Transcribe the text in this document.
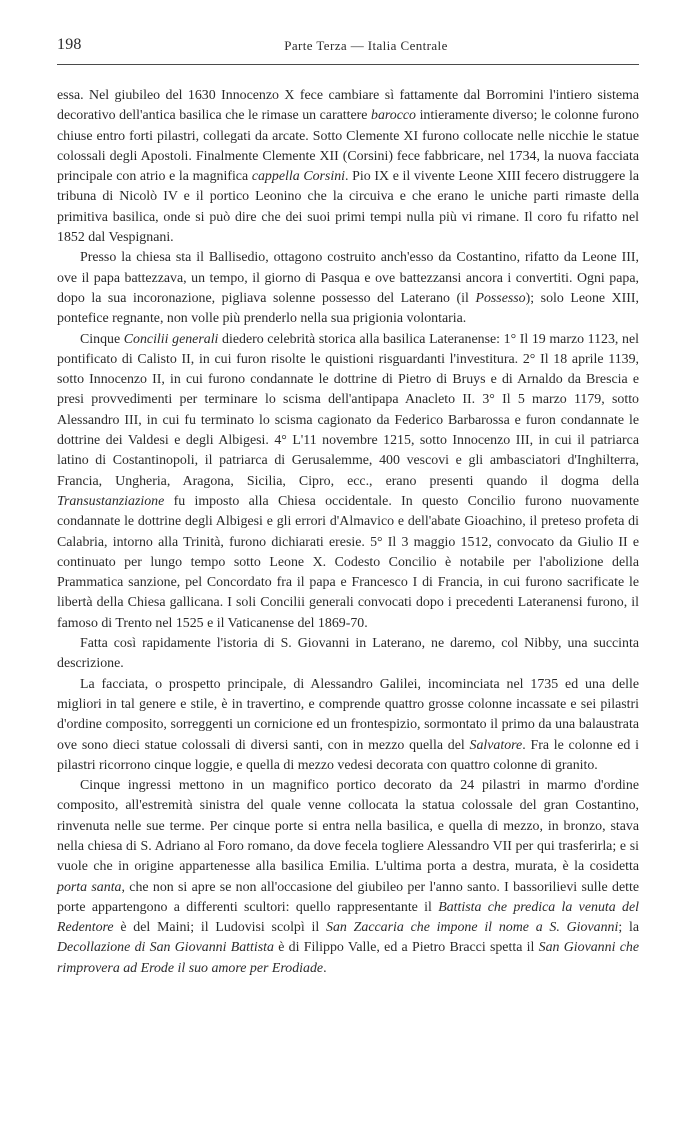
198	Parte Terza — Italia Centrale

essa. Nel giubileo del 1630 Innocenzo X fece cambiare sì fattamente dal Borromini l'intiero sistema decorativo dell'antica basilica che le rimase un carattere barocco intieramente diverso; le colonne furono chiuse entro forti pilastri, collegati da arcate. Sotto Clemente XI furono collocate nelle nicchie le statue colossali degli Apostoli. Finalmente Clemente XII (Corsini) fece fabbricare, nel 1734, la nuova facciata principale con atrio e la magnifica cappella Corsini. Pio IX e il vivente Leone XIII fecero distruggere la tribuna di Nicolò IV e il portico Leonino che la circuiva e che erano le uniche parti rimaste della primitiva basilica, onde si può dire che dei suoi primi tempi nulla più vi rimane. Il coro fu rifatto nel 1852 dal Vespignani.

Presso la chiesa sta il Ballisedio, ottagono costruito anch'esso da Costantino, rifatto da Leone III, ove il papa battezzava, un tempo, il giorno di Pasqua e ove battezzansi ancora i convertiti. Ogni papa, dopo la sua incoronazione, pigliava solenne possesso del Laterano (il Possesso); solo Leone XIII, pontefice regnante, non volle più prenderlo nella sua prigionia volontaria.

Cinque Concilii generali diedero celebrità storica alla basilica Lateranense: 1° Il 19 marzo 1123, nel pontificato di Calisto II, in cui furon risolte le quistioni risguardanti l'investitura. 2° Il 18 aprile 1139, sotto Innocenzo II, in cui furono condannate le dottrine di Pietro di Bruys e di Arnaldo da Brescia e presi provvedimenti per terminare lo scisma dell'antipapa Anacleto II. 3° Il 5 marzo 1179, sotto Alessandro III, in cui fu terminato lo scisma cagionato da Federico Barbarossa e furon condannate le dottrine dei Valdesi e degli Albigesi. 4° L'11 novembre 1215, sotto Innocenzo III, in cui il patriarca latino di Costantinopoli, il patriarca di Gerusalemme, 400 vescovi e gli ambasciatori d'Inghilterra, Francia, Ungheria, Aragona, Sicilia, Cipro, ecc., erano presenti quando il dogma della Transustanziazione fu imposto alla Chiesa occidentale. In questo Concilio furono nuovamente condannate le dottrine degli Albigesi e gli errori d'Almavico e dell'abate Gioachino, il preteso profeta di Calabria, intorno alla Trinità, furono dichiarati eresie. 5° Il 3 maggio 1512, convocato da Giulio II e continuato per lungo tempo sotto Leone X. Codesto Concilio è notabile per l'abolizione della Prammatica sanzione, pel Concordato fra il papa e Francesco I di Francia, in cui furono sacrificate le libertà della Chiesa gallicana. I soli Concilii generali convocati dopo i precedenti Lateranensi furono, il famoso di Trento nel 1525 e il Vaticanense del 1869-70.

Fatta così rapidamente l'istoria di S. Giovanni in Laterano, ne daremo, col Nibby, una succinta descrizione.

La facciata, o prospetto principale, di Alessandro Galilei, incominciata nel 1735 ed una delle migliori in tal genere e stile, è in travertino, e comprende quattro grosse colonne incassate e sei pilastri d'ordine composito, sorreggenti un cornicione ed un frontespizio, sormontato il primo da una balaustrata ove sono dieci statue colossali di diversi santi, con in mezzo quella del Salvatore. Fra le colonne ed i pilastri ricorrono cinque loggie, e quella di mezzo vedesi decorata con quattro colonne di granito.

Cinque ingressi mettono in un magnifico portico decorato da 24 pilastri in marmo d'ordine composito, all'estremità sinistra del quale venne collocata la statua colossale del gran Costantino, rinvenuta nelle sue terme. Per cinque porte si entra nella basilica, e quella di mezzo, in bronzo, stava nella chiesa di S. Adriano al Foro romano, da dove fecela togliere Alessandro VII per qui trasferirla; e si vuole che in origine appartenesse alla basilica Emilia. L'ultima porta a destra, murata, è la cosidetta porta santa, che non si apre se non all'occasione del giubileo per l'anno santo. I bassorilievi sulle dette porte appartengono a differenti scultori: quello rappresentante il Battista che predica la venuta del Redentore è del Maini; il Ludovisi scolpì il San Zaccaria che impone il nome a S. Giovanni; la Decollazione di San Giovanni Battista è di Filippo Valle, ed a Pietro Bracci spetta il San Giovanni che rimprovera ad Erode il suo amore per Erodiade.
